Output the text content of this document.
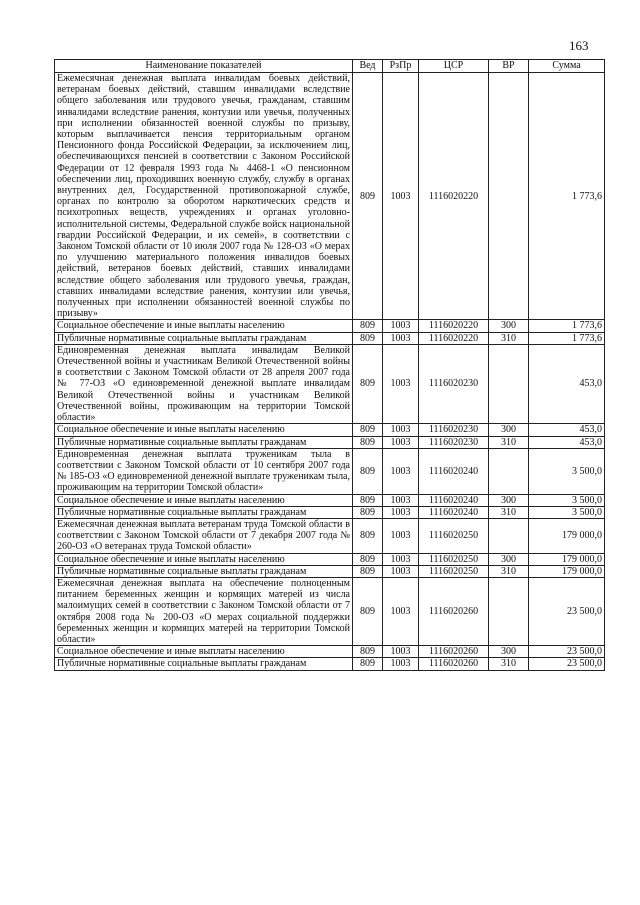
163
Наименование показателей	Вед	РзПр	ЦСР	ВР	Сумма
Ежемесячная денежная выплата инвалидам боевых действий, ветеранам боевых действий, ставшим инвалидами вследствие общего заболевания или трудового увечья, гражданам, ставшим инвалидами вследствие ранения, контузии или увечья, полученных при исполнении обязанностей военной службы по призыву, которым выплачивается пенсия территориальным органом Пенсионного фонда Российской Федерации, за исключением лиц, обеспечивающихся пенсией в соответствии с Законом Российской Федерации от 12 февраля 1993 года № 4468-1 «О пенсионном обеспечении лиц, проходивших военную службу, службу в органах внутренних дел, Государственной противопожарной службе, органах по контролю за оборотом наркотических средств и психотропных веществ, учреждениях и органах уголовно-исполнительной системы, Федеральной службе войск национальной гвардии Российской Федерации, и их семей», в соответствии с Законом Томской области от 10 июля 2007 года № 128-ОЗ «О мерах по улучшению материального положения инвалидов боевых действий, ветеранов боевых действий, ставших инвалидами вследствие общего заболевания или трудового увечья, граждан, ставших инвалидами вследствие ранения, контузии или увечья, полученных при исполнении обязанностей военной службы по призыву»	809	1003	1116020220		1 773,6
Социальное обеспечение и иные выплаты населению	809	1003	1116020220	300	1 773,6
Публичные нормативные социальные выплаты гражданам	809	1003	1116020220	310	1 773,6
Единовременная денежная выплата инвалидам Великой Отечественной войны и участникам Великой Отечественной войны в соответствии с Законом Томской области от 28 апреля 2007 года № 77-ОЗ «О единовременной денежной выплате инвалидам Великой Отечественной войны и участникам Великой Отечественной войны, проживающим на территории Томской области»	809	1003	1116020230		453,0
Социальное обеспечение и иные выплаты населению	809	1003	1116020230	300	453,0
Публичные нормативные социальные выплаты гражданам	809	1003	1116020230	310	453,0
Единовременная денежная выплата труженикам тыла в соответствии с Законом Томской области от 10 сентября 2007 года № 185-ОЗ «О единовременной денежной выплате труженикам тыла, проживающим на территории Томской области»	809	1003	1116020240		3 500,0
Социальное обеспечение и иные выплаты населению	809	1003	1116020240	300	3 500,0
Публичные нормативные социальные выплаты гражданам	809	1003	1116020240	310	3 500,0
Ежемесячная денежная выплата ветеранам труда Томской области в соответствии с Законом Томской области от 7 декабря 2007 года № 260-ОЗ «О ветеранах труда Томской области»	809	1003	1116020250		179 000,0
Социальное обеспечение и иные выплаты населению	809	1003	1116020250	300	179 000,0
Публичные нормативные социальные выплаты гражданам	809	1003	1116020250	310	179 000,0
Ежемесячная денежная выплата на обеспечение полноценным питанием беременных женщин и кормящих матерей из числа малоимущих семей в соответствии с Законом Томской области от 7 октября 2008 года № 200-ОЗ «О мерах социальной поддержки беременных женщин и кормящих матерей на территории Томской области»	809	1003	1116020260		23 500,0
Социальное обеспечение и иные выплаты населению	809	1003	1116020260	300	23 500,0
Публичные нормативные социальные выплаты гражданам	809	1003	1116020260	310	23 500,0
